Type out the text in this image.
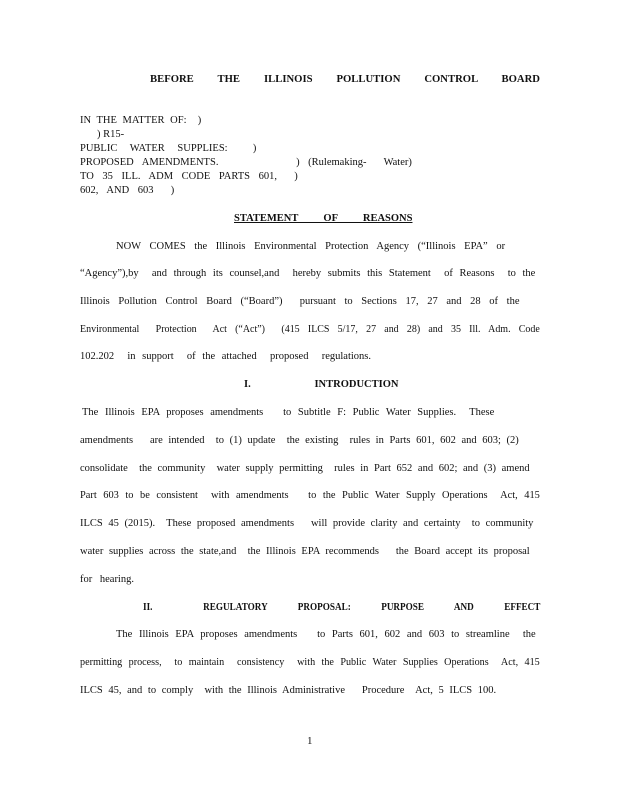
BEFORE THE ILLINOIS POLLUTION CONTROL BOARD
IN THE MATTER OF:  )
) R15-
PUBLIC WATER SUPPLIES:  )
PROPOSED AMENDMENTS.         ) (Rulemaking-  Water)
TO 35 ILL. ADM CODE PARTS 601,  )
602, AND 603  )
STATEMENT  OF  REASONS
NOW COMES the Illinois Environmental Protection Agency (“Illinois EPA” or
“Agency”),by  and through its counsel,and  hereby submits this Statement  of Reasons  to the
Illinois Pollution Control Board (“Board”)  pursuant to Sections 17, 27 and 28 of the
Environmental  Protection  Act (“Act”)  (415 ILCS 5/17, 27 and 28) and 35 Ill. Adm. Code
102.202  in support  of the attached  proposed  regulations.
I.      INTRODUCTION
The Illinois EPA proposes amendments   to Subtitle F: Public Water Supplies.  These
amendments   are intended  to (1) update  the existing  rules in Parts 601, 602 and 603; (2)
consolidate  the community  water supply permitting  rules in Part 652 and 602; and (3) amend
Part 603 to be consistent  with amendments   to the Public Water Supply Operations  Act, 415
ILCS 45 (2015).  These proposed amendments   will provide clarity and certainty  to community
water supplies across the state,and  the Illinois EPA recommends   the Board accept its proposal
for hearing.
II.     REGULATORY   PROPOSAL:   PURPOSE   AND   EFFECT
The Illinois EPA proposes amendments   to Parts 601, 602 and 603 to streamline  the
permitting process,  to maintain  consistency  with the Public Water Supplies Operations  Act, 415
ILCS 45, and to comply  with the Illinois Administrative   Procedure  Act, 5 ILCS 100.
1
